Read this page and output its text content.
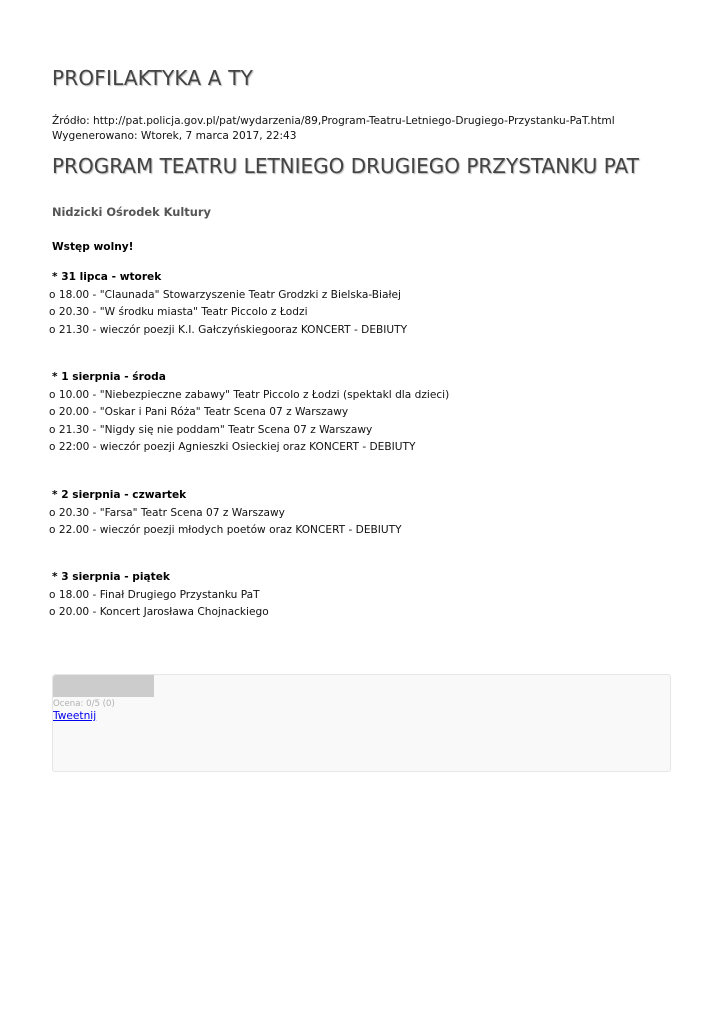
PROFILAKTYKA A TY
Źródło: http://pat.policja.gov.pl/pat/wydarzenia/89,Program-Teatru-Letniego-Drugiego-Przystanku-PaT.html
Wygenerowano: Wtorek, 7 marca 2017, 22:43
PROGRAM TEATRU LETNIEGO DRUGIEGO PRZYSTANKU PAT
Nidzicki Ośrodek Kultury
Wstęp wolny!
* 31 lipca - wtorek
o 18.00 - "Claunada" Stowarzyszenie Teatr Grodzki z Bielska-Białej
o 20.30 - "W środku miasta" Teatr Piccolo z Łodzi
o 21.30 - wieczór poezji K.I. Gałczyńskiegooraz KONCERT - DEBIUTY
* 1 sierpnia - środa
o 10.00 - "Niebezpieczne zabawy" Teatr Piccolo z Łodzi (spektakl dla dzieci)
o 20.00 - "Oskar i Pani Róża" Teatr Scena 07 z Warszawy
o 21.30 - "Nigdy się nie poddam" Teatr Scena 07 z Warszawy
o 22:00 - wieczór poezji Agnieszki Osieckiej oraz KONCERT - DEBIUTY
* 2 sierpnia - czwartek
o 20.30 - "Farsa" Teatr Scena 07 z Warszawy
o 22.00 - wieczór poezji młodych poetów oraz KONCERT - DEBIUTY
* 3 sierpnia - piątek
o 18.00 - Finał Drugiego Przystanku PaT
o 20.00 - Koncert Jarosława Chojnackiego
Ocena: 0/5 (0)
Tweetnij
